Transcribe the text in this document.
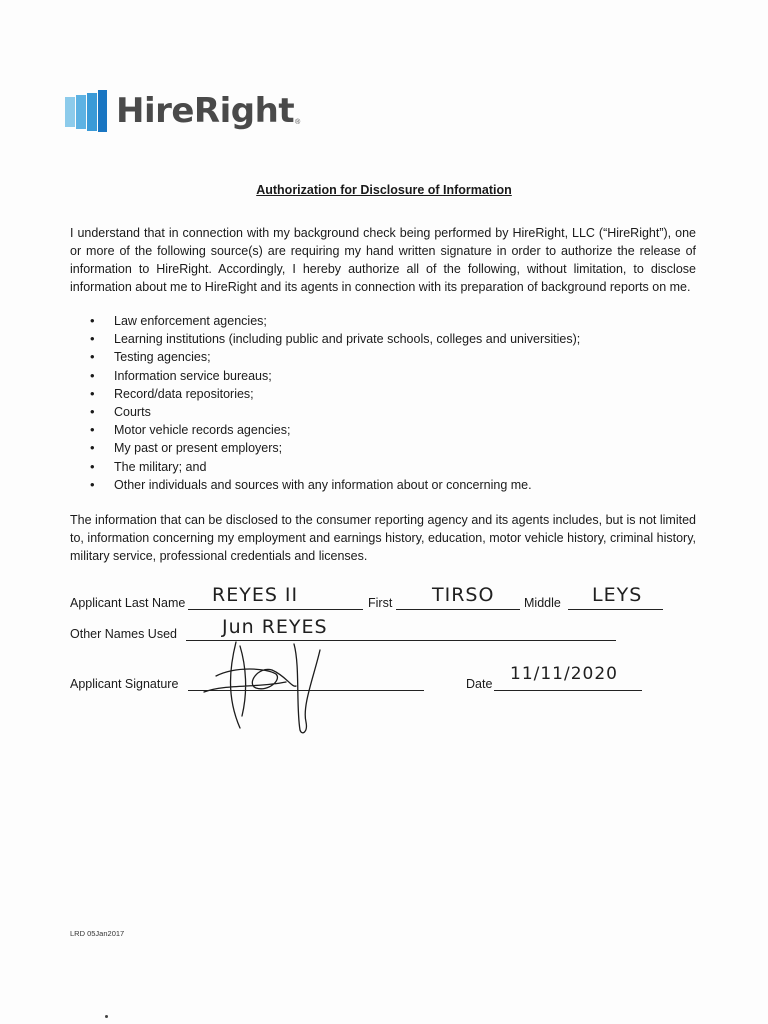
HireRight ®
Authorization for Disclosure of Information

I understand that in connection with my background check being performed by HireRight, LLC (“HireRight”), one or more of the following source(s) are requiring my hand written signature in order to authorize the release of information to HireRight. Accordingly, I hereby authorize all of the following, without limitation, to disclose information about me to HireRight and its agents in connection with its preparation of background reports on me.

• Law enforcement agencies;
• Learning institutions (including public and private schools, colleges and universities);
• Testing agencies;
• Information service bureaus;
• Record/data repositories;
• Courts
• Motor vehicle records agencies;
• My past or present employers;
• The military; and
• Other individuals and sources with any information about or concerning me.

The information that can be disclosed to the consumer reporting agency and its agents includes, but is not limited to, information concerning my employment and earnings history, education, motor vehicle history, criminal history, military service, professional credentials and licenses.

Applicant Last Name REYES II	First TIRSO Middle LEYS
Other Names Used Jun REYES
Applicant Signature	Date 11/11/2020
LRD 05Jan2017
